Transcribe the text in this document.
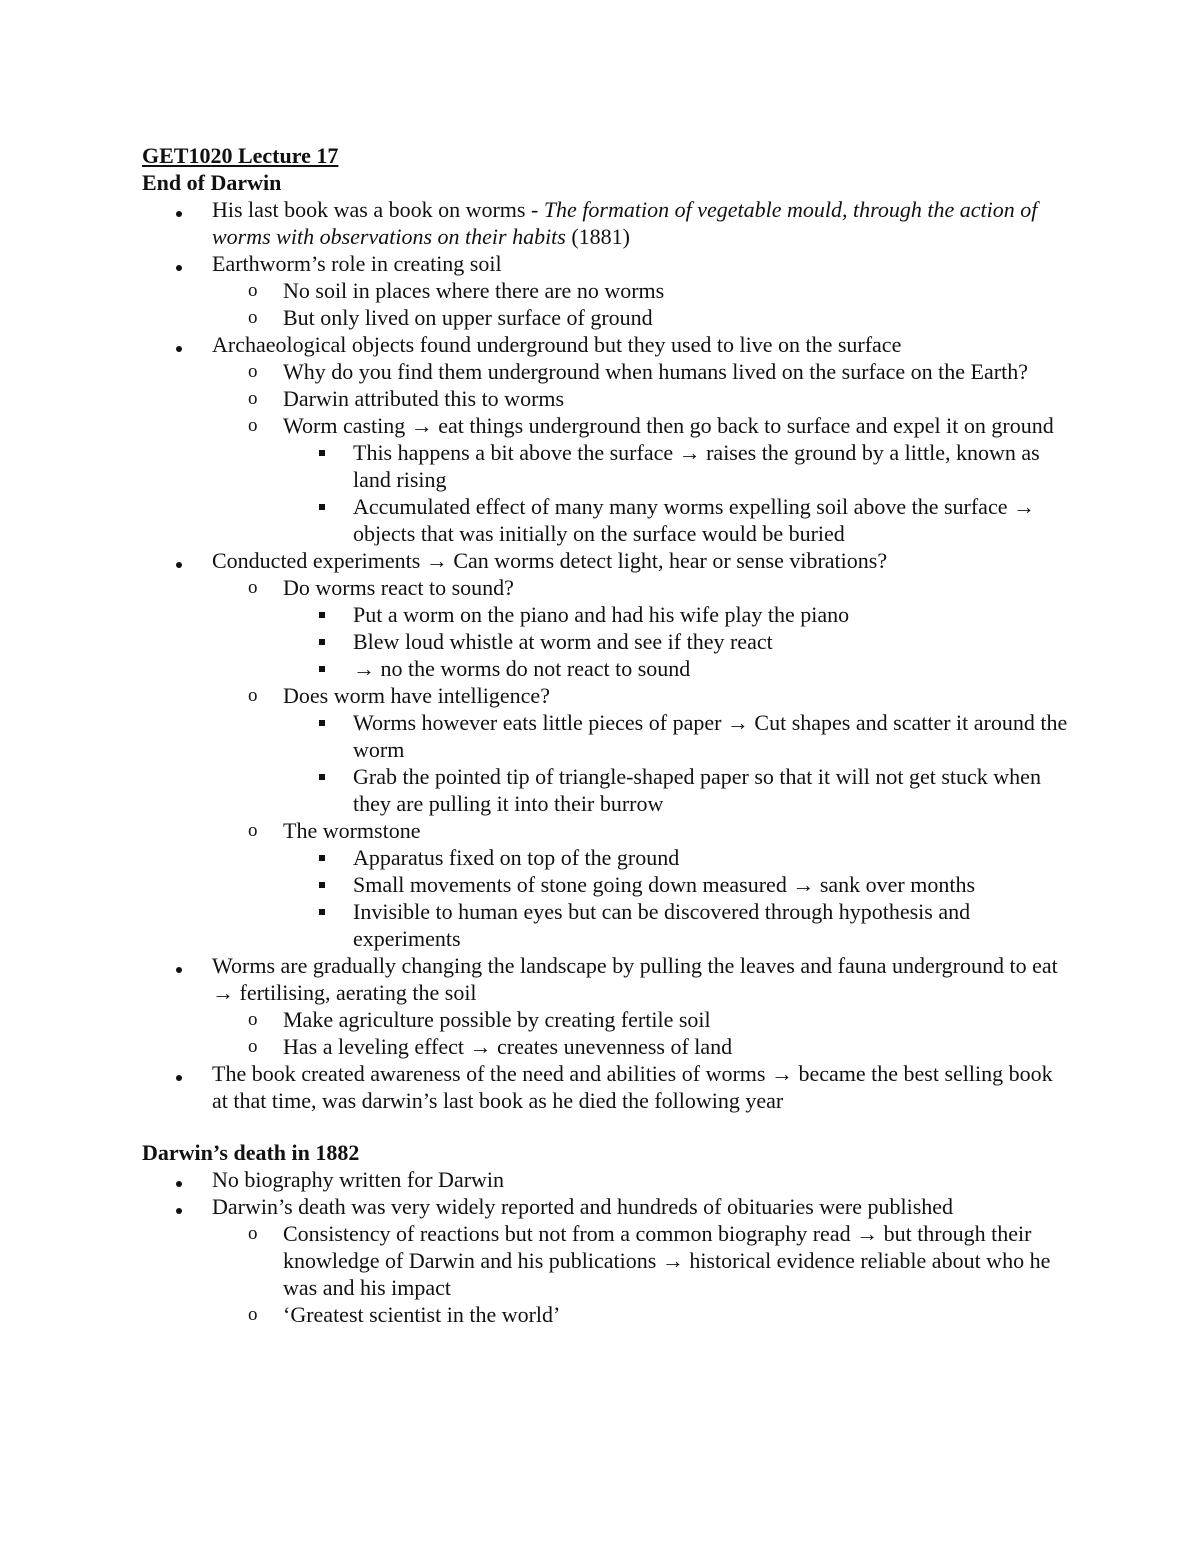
GET1020 Lecture 17
End of Darwin
His last book was a book on worms - The formation of vegetable mould, through the action of worms with observations on their habits (1881)
Earthworm’s role in creating soil
o No soil in places where there are no worms
o But only lived on upper surface of ground
Archaeological objects found underground but they used to live on the surface
o Why do you find them underground when humans lived on the surface on the Earth?
o Darwin attributed this to worms
o Worm casting → eat things underground then go back to surface and expel it on ground
This happens a bit above the surface → raises the ground by a little, known as land rising
Accumulated effect of many many worms expelling soil above the surface → objects that was initially on the surface would be buried
Conducted experiments → Can worms detect light, hear or sense vibrations?
o Do worms react to sound?
Put a worm on the piano and had his wife play the piano
Blew loud whistle at worm and see if they react
→ no the worms do not react to sound
o Does worm have intelligence?
Worms however eats little pieces of paper → Cut shapes and scatter it around the worm
Grab the pointed tip of triangle-shaped paper so that it will not get stuck when they are pulling it into their burrow
o The wormstone
Apparatus fixed on top of the ground
Small movements of stone going down measured → sank over months
Invisible to human eyes but can be discovered through hypothesis and experiments
Worms are gradually changing the landscape by pulling the leaves and fauna underground to eat → fertilising, aerating the soil
o Make agriculture possible by creating fertile soil
o Has a leveling effect → creates unevenness of land
The book created awareness of the need and abilities of worms → became the best selling book at that time, was darwin’s last book as he died the following year
Darwin’s death in 1882
No biography written for Darwin
Darwin’s death was very widely reported and hundreds of obituaries were published
o Consistency of reactions but not from a common biography read → but through their knowledge of Darwin and his publications → historical evidence reliable about who he was and his impact
o ‘Greatest scientist in the world’
